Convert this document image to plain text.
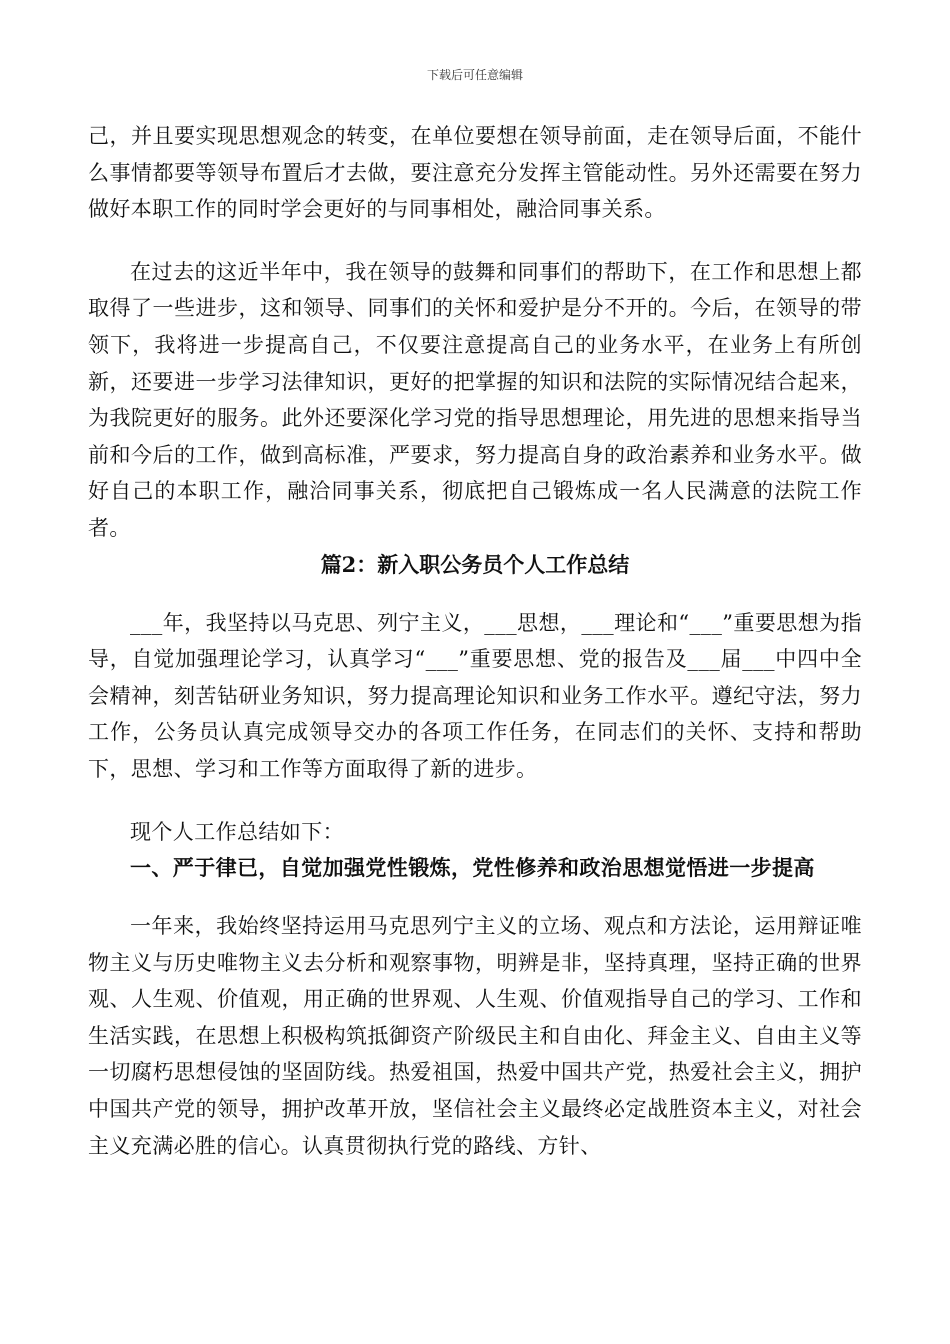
下载后可任意编辑

己，并且要实现思想观念的转变，在单位要想在领导前面，走在领导后面，不能什么事情都要等领导布置后才去做，要注意充分发挥主管能动性。另外还需要在努力做好本职工作的同时学会更好的与同事相处，融洽同事关系。

在过去的这近半年中，我在领导的鼓舞和同事们的帮助下，在工作和思想上都取得了一些进步，这和领导、同事们的关怀和爱护是分不开的。今后，在领导的带领下，我将进一步提高自己，不仅要注意提高自己的业务水平，在业务上有所创新，还要进一步学习法律知识，更好的把掌握的知识和法院的实际情况结合起来，为我院更好的服务。此外还要深化学习党的指导思想理论，用先进的思想来指导当前和今后的工作，做到高标准，严要求，努力提高自身的政治素养和业务水平。做好自己的本职工作，融洽同事关系，彻底把自己锻炼成一名人民满意的法院工作者。

篇2：新入职公务员个人工作总结

___年，我坚持以马克思、列宁主义，___思想，___理论和“___”重要思想为指导，自觉加强理论学习，认真学习“___”重要思想、党的报告及___届___中四中全会精神，刻苦钻研业务知识，努力提高理论知识和业务工作水平。遵纪守法，努力工作，公务员认真完成领导交办的各项工作任务，在同志们的关怀、支持和帮助下，思想、学习和工作等方面取得了新的进步。

现个人工作总结如下：

一、严于律已，自觉加强党性锻炼，党性修养和政治思想觉悟进一步提高

一年来，我始终坚持运用马克思列宁主义的立场、观点和方法论，运用辩证唯物主义与历史唯物主义去分析和观察事物，明辨是非，坚持真理，坚持正确的世界观、人生观、价值观，用正确的世界观、人生观、价值观指导自己的学习、工作和生活实践，在思想上积极构筑抵御资产阶级民主和自由化、拜金主义、自由主义等一切腐朽思想侵蚀的坚固防线。热爱祖国，热爱中国共产党，热爱社会主义，拥护中国共产党的领导，拥护改革开放，坚信社会主义最终必定战胜资本主义，对社会主义充满必胜的信心。认真贯彻执行党的路线、方针、
